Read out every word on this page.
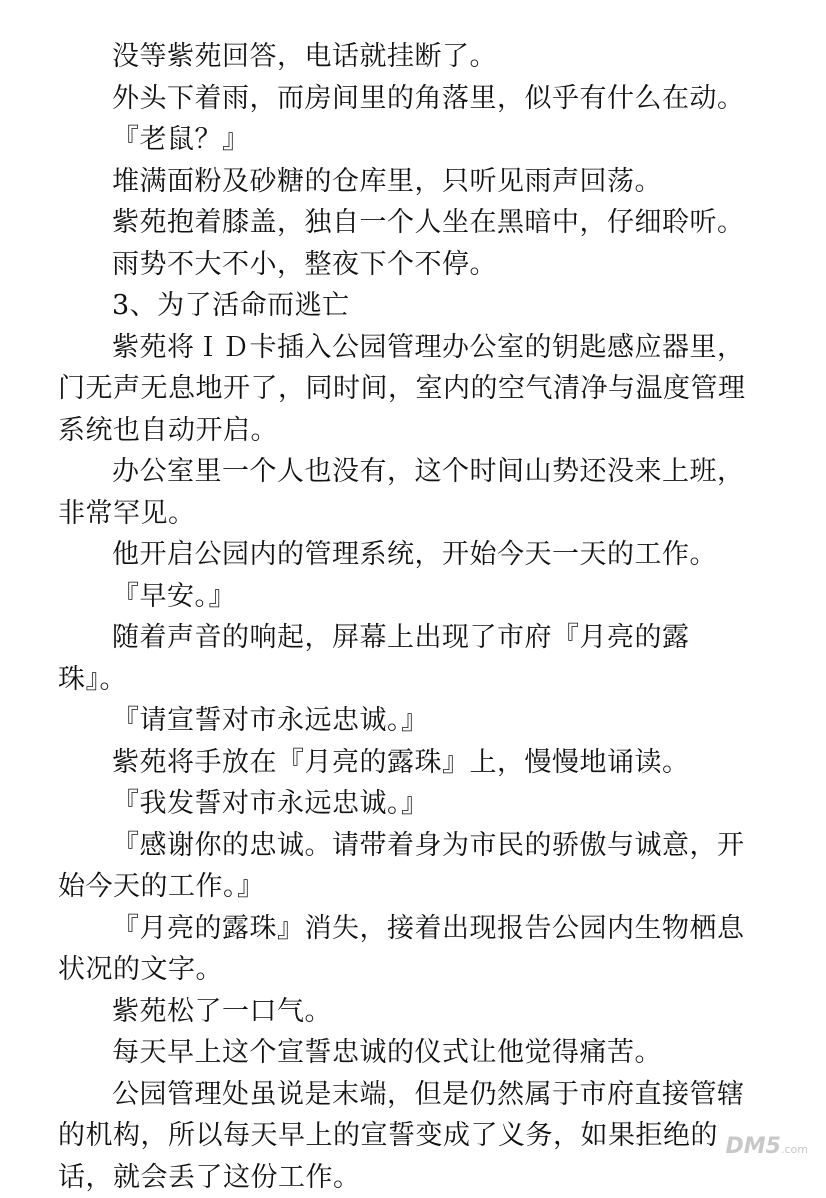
没等紫苑回答，电话就挂断了。

外头下着雨，而房间里的角落里，似乎有什么在动。

『老鼠？』

堆满面粉及砂糖的仓库里，只听见雨声回荡。

紫苑抱着膝盖，独自一个人坐在黑暗中，仔细聆听。

雨势不大不小，整夜下个不停。

3、为了活命而逃亡

紫苑将ＩＤ卡插入公园管理办公室的钥匙感应器里，门无声无息地开了，同时间，室内的空气清净与温度管理系统也自动开启。

办公室里一个人也没有，这个时间山势还没来上班，非常罕见。

他开启公园内的管理系统，开始今天一天的工作。

『早安。』

随着声音的响起，屏幕上出现了市府『月亮的露珠』。

『请宣誓对市永远忠诚。』

紫苑将手放在『月亮的露珠』上，慢慢地诵读。

『我发誓对市永远忠诚。』

『感谢你的忠诚。请带着身为市民的骄傲与诚意，开始今天的工作。』

『月亮的露珠』消失，接着出现报告公园内生物栖息状况的文字。

紫苑松了一口气。

每天早上这个宣誓忠诚的仪式让他觉得痛苦。

公园管理处虽说是末端，但是仍然属于市府直接管辖的机构，所以每天早上的宣誓变成了义务，如果拒绝的话，就会丢了这份工作。

DM5.com
